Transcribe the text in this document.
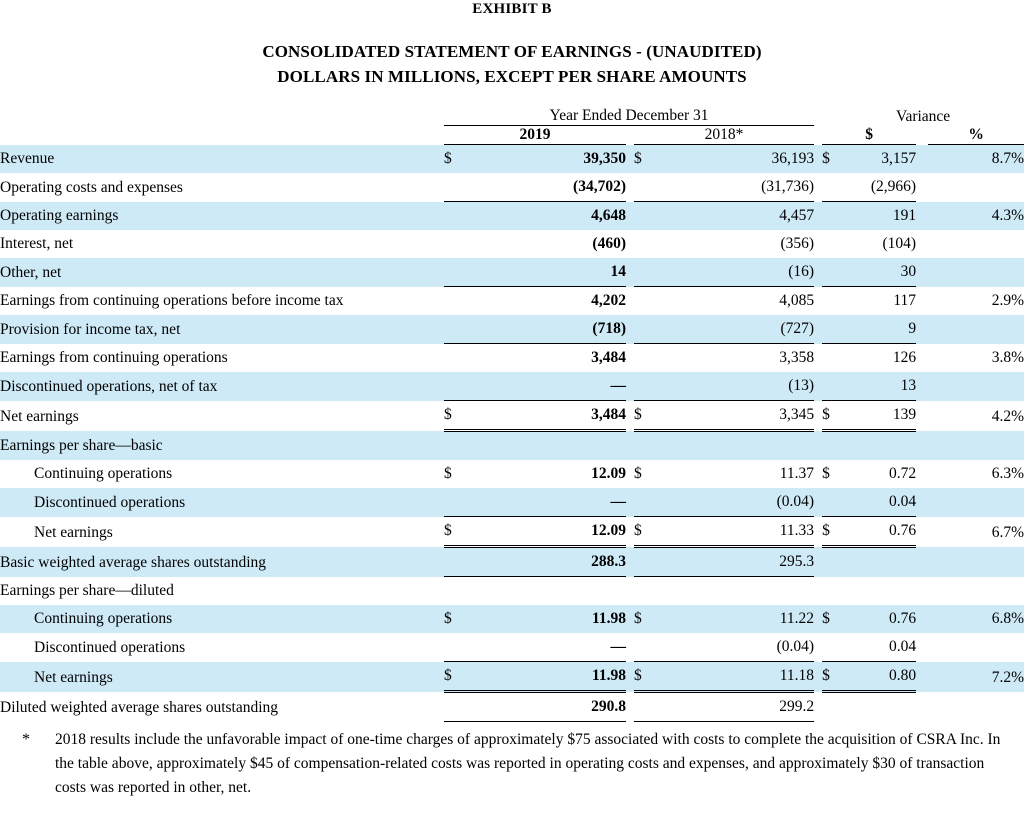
EXHIBIT B
CONSOLIDATED STATEMENT OF EARNINGS - (UNAUDITED)
DOLLARS IN MILLIONS, EXCEPT PER SHARE AMOUNTS
	Year Ended December 31						Variance			
	2019			2018*			$			%
Revenue	$	39,350		$	36,193		$	3,157		8.7%
Operating costs and expenses		(34,702)			(31,736)			(2,966)		
Operating earnings		4,648			4,457			191		4.3%
Interest, net		(460)			(356)			(104)		
Other, net		14			(16)			30		
Earnings from continuing operations before income tax		4,202			4,085			117		2.9%
Provision for income tax, net		(718)			(727)			9		
Earnings from continuing operations		3,484			3,358			126		3.8%
Discontinued operations, net of tax		—			(13)			13		
Net earnings	$	3,484		$	3,345		$	139		4.2%
Earnings per share—basic										
Continuing operations	$	12.09		$	11.37		$	0.72		6.3%
Discontinued operations		—			(0.04)			0.04		
Net earnings	$	12.09		$	11.33		$	0.76		6.7%
Basic weighted average shares outstanding		288.3			295.3					
Earnings per share—diluted										
Continuing operations	$	11.98		$	11.22		$	0.76		6.8%
Discontinued operations		—			(0.04)			0.04		
Net earnings	$	11.98		$	11.18		$	0.80		7.2%
Diluted weighted average shares outstanding		290.8			299.2					
*	2018 results include the unfavorable impact of one-time charges of approximately $75 associated with costs to complete the acquisition of CSRA Inc. In the table above, approximately $45 of compensation-related costs was reported in operating costs and expenses, and approximately $30 of transaction costs was reported in other, net.
